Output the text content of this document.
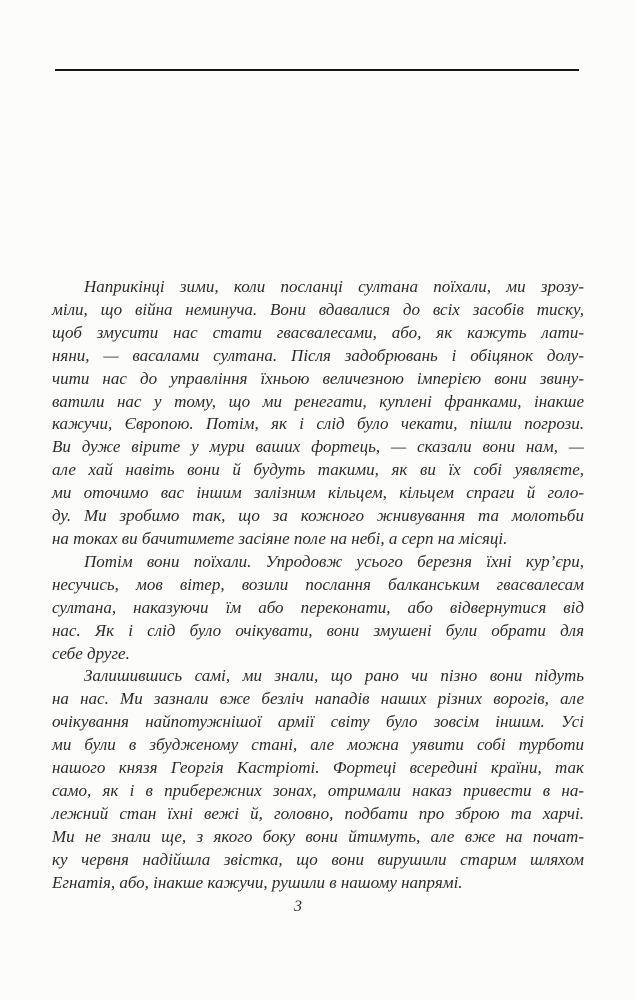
Наприкінці зими, коли посланці султана поїхали, ми зрозу-
міли, що війна неминуча. Вони вдавалися до всіх засобів тиску,
щоб змусити нас стати гвасвалесами, або, як кажуть лати-
няни, — васалами султана. Після задобрювань і обіцянок долу-
чити нас до управління їхньою величезною імперією вони звину-
ватили нас у тому, що ми ренегати, куплені франками, інакше
кажучи, Європою. Потім, як і слід було чекати, пішли погрози.
Ви дуже вірите у мури ваших фортець, — сказали вони нам, —
але хай навіть вони й будуть такими, як ви їх собі уявляєте,
ми оточимо вас іншим залізним кільцем, кільцем спраги й голо-
ду. Ми зробимо так, що за кожного жнивування та молотьби
на токах ви бачитимете засіяне поле на небі, а серп на місяці.

Потім вони поїхали. Упродовж усього березня їхні кур’єри,
несучись, мов вітер, возили послання балканським гвасвалесам
султана, наказуючи їм або переконати, або відвернутися від
нас. Як і слід було очікувати, вони змушені були обрати для
себе друге.

Залишившись самі, ми знали, що рано чи пізно вони підуть
на нас. Ми зазнали вже безліч нападів наших різних ворогів, але
очікування найпотужнішої армії світу було зовсім іншим. Усі
ми були в збудженому стані, але можна уявити собі турботи
нашого князя Георгія Кастріоті. Фортеці всередині країни, так
само, як і в прибережних зонах, отримали наказ привести в на-
лежний стан їхні вежі й, головно, подбати про зброю та харчі.
Ми не знали ще, з якого боку вони йтимуть, але вже на почат-
ку червня надійшла звістка, що вони вирушили старим шляхом
Егнатія, або, інакше кажучи, рушили в нашому напрямі.

3
